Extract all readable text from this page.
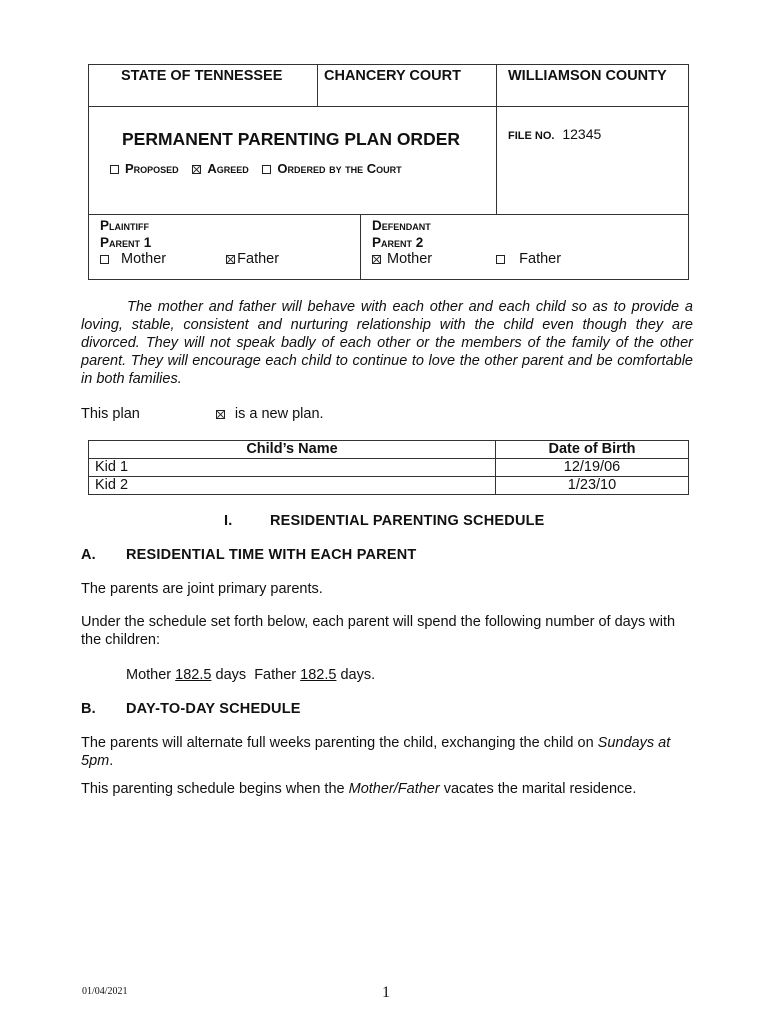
STATE OF TENNESSEE	CHANCERY COURT	WILLIAMSON COUNTY
PERMANENT PARENTING PLAN ORDER	FILE NO. 12345
Proposed Agreed Ordered by the Court
Plaintiff
Parent 1
Mother	Father
Defendant
Parent 2
Mother	Father
The mother and father will behave with each other and each child so as to provide a loving, stable, consistent and nurturing relationship with the child even though they are divorced. They will not speak badly of each other or the members of the family of the other parent. They will encourage each child to continue to love the other parent and be comfortable in both families.
This plan	is a new plan.
Child’s Name	Date of Birth
Kid 1	12/19/06
Kid 2	1/23/10
I.	RESIDENTIAL PARENTING SCHEDULE
A. RESIDENTIAL TIME WITH EACH PARENT
The parents are joint primary parents.
Under the schedule set forth below, each parent will spend the following number of days with the children:
Mother 182.5 days Father 182.5 days.
B. DAY-TO-DAY SCHEDULE
The parents will alternate full weeks parenting the child, exchanging the child on Sundays at 5pm.
This parenting schedule begins when the Mother/Father vacates the marital residence.
01/04/2021	1
